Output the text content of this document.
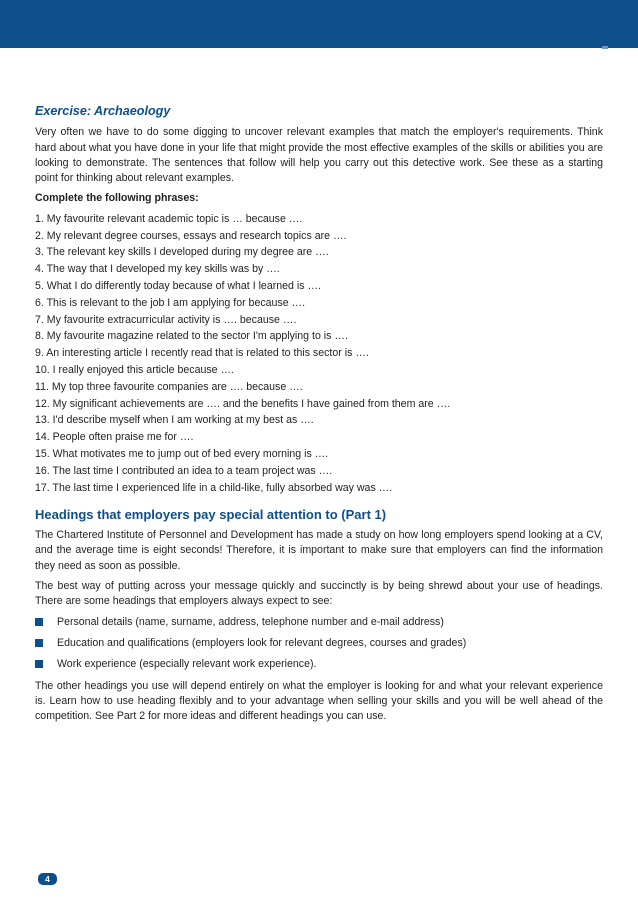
Exercise: Archaeology

Very often we have to do some digging to uncover relevant examples that match the employer's requirements. Think hard about what you have done in your life that might provide the most effective examples of the skills or abilities you are looking to demonstrate. The sentences that follow will help you carry out this detective work. See these as a starting point for thinking about relevant examples.

Complete the following phrases:

1. My favourite relevant academic topic is … because ….
2. My relevant degree courses, essays and research topics are ….
3. The relevant key skills I developed during my degree are ….
4. The way that I developed my key skills was by ….
5. What I do differently today because of what I learned is ….
6. This is relevant to the job I am applying for because ….
7. My favourite extracurricular activity is …. because ….
8. My favourite magazine related to the sector I'm applying to is ….
9. An interesting article I recently read that is related to this sector is ….
10. I really enjoyed this article because ….
11. My top three favourite companies are …. because ….
12. My significant achievements are …. and the benefits I have gained from them are ….
13. I'd describe myself when I am working at my best as ….
14. People often praise me for ….
15. What motivates me to jump out of bed every morning is ….
16. The last time I contributed an idea to a team project was ….
17. The last time I experienced life in a child-like, fully absorbed way was ….
Headings that employers pay special attention to (Part 1)

The Chartered Institute of Personnel and Development has made a study on how long employers spend looking at a CV, and the average time is eight seconds! Therefore, it is important to make sure that employers can find the information they need as soon as possible.

The best way of putting across your message quickly and succinctly is by being shrewd about your use of headings. There are some headings that employers always expect to see:

Personal details (name, surname, address, telephone number and e-mail address)
Education and qualifications (employers look for relevant degrees, courses and grades)
Work experience (especially relevant work experience).

The other headings you use will depend entirely on what the employer is looking for and what your relevant experience is. Learn how to use heading flexibly and to your advantage when selling your skills and you will be well ahead of the competition. See Part 2 for more ideas and different headings you can use.

4
